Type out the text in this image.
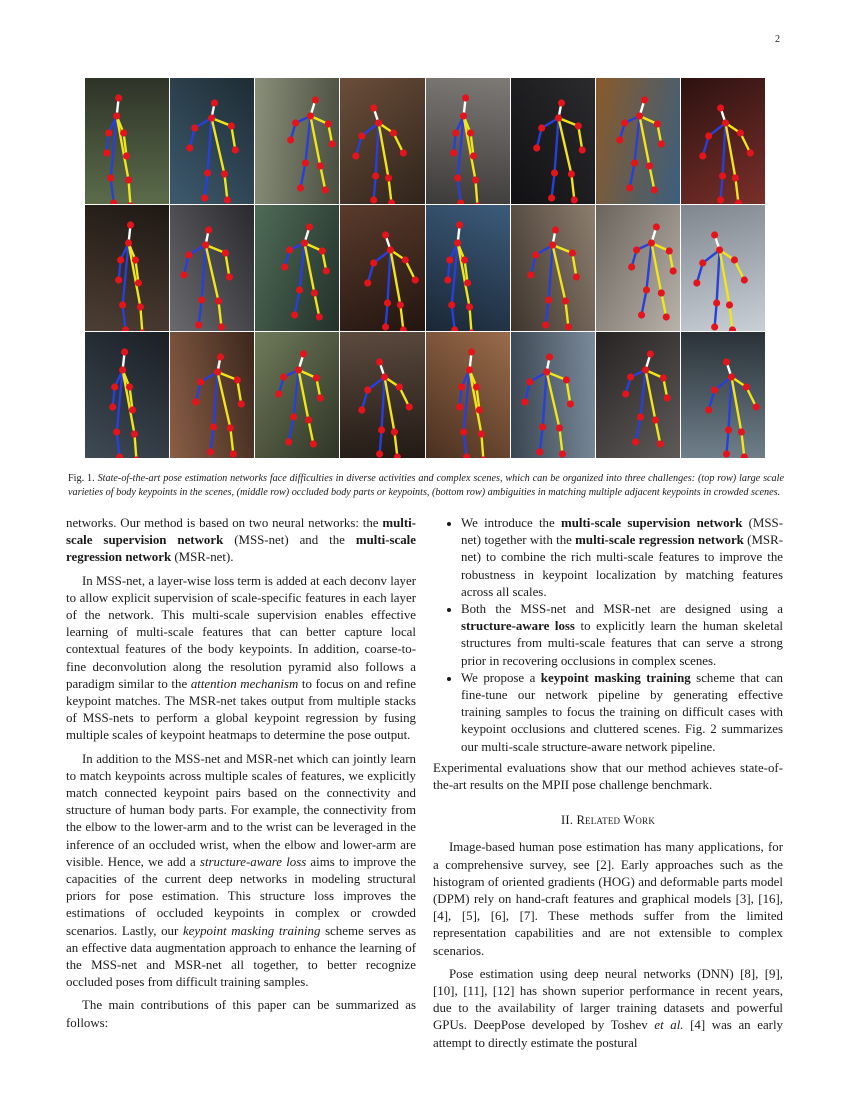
2
Fig. 1. State-of-the-art pose estimation networks face difficulties in diverse activities and complex scenes, which can be organized into three challenges: (top row) large scale varieties of body keypoints in the scenes, (middle row) occluded body parts or keypoints, (bottom row) ambiguities in matching multiple adjacent keypoints in crowded scenes.

networks. Our method is based on two neural networks: the multi-scale supervision network (MSS-net) and the multi-scale regression network (MSR-net).

In MSS-net, a layer-wise loss term is added at each deconv layer to allow explicit supervision of scale-specific features in each layer of the network. This multi-scale supervision enables effective learning of multi-scale features that can better capture local contextual features of the body keypoints. In addition, coarse-to-fine deconvolution along the resolution pyramid also follows a paradigm similar to the attention mechanism to focus on and refine keypoint matches. The MSR-net takes output from multiple stacks of MSS-nets to perform a global keypoint regression by fusing multiple scales of keypoint heatmaps to determine the pose output.

In addition to the MSS-net and MSR-net which can jointly learn to match keypoints across multiple scales of features, we explicitly match connected keypoint pairs based on the connectivity and structure of human body parts. For example, the connectivity from the elbow to the lower-arm and to the wrist can be leveraged in the inference of an occluded wrist, when the elbow and lower-arm are visible. Hence, we add a structure-aware loss aims to improve the capacities of the current deep networks in modeling structural priors for pose estimation. This structure loss improves the estimations of occluded keypoints in complex or crowded scenarios. Lastly, our keypoint masking training scheme serves as an effective data augmentation approach to enhance the learning of the MSS-net and MSR-net all together, to better recognize occluded poses from difficult training samples.

The main contributions of this paper can be summarized as follows:

• We introduce the multi-scale supervision network (MSS-net) together with the multi-scale regression network (MSR-net) to combine the rich multi-scale features to improve the robustness in keypoint localization by matching features across all scales.
• Both the MSS-net and MSR-net are designed using a structure-aware loss to explicitly learn the human skeletal structures from multi-scale features that can serve a strong prior in recovering occlusions in complex scenes.
• We propose a keypoint masking training scheme that can fine-tune our network pipeline by generating effective training samples to focus the training on difficult cases with keypoint occlusions and cluttered scenes. Fig. 2 summarizes our multi-scale structure-aware network pipeline.

Experimental evaluations show that our method achieves state-of-the-art results on the MPII pose challenge benchmark.

II. Related Work

Image-based human pose estimation has many applications, for a comprehensive survey, see [2]. Early approaches such as the histogram of oriented gradients (HOG) and deformable parts model (DPM) rely on hand-craft features and graphical models [3], [16], [4], [5], [6], [7]. These methods suffer from the limited representation capabilities and are not extensible to complex scenarios.

Pose estimation using deep neural networks (DNN) [8], [9], [10], [11], [12] has shown superior performance in recent years, due to the availability of larger training datasets and powerful GPUs. DeepPose developed by Toshev et al. [4] was an early attempt to directly estimate the postural
